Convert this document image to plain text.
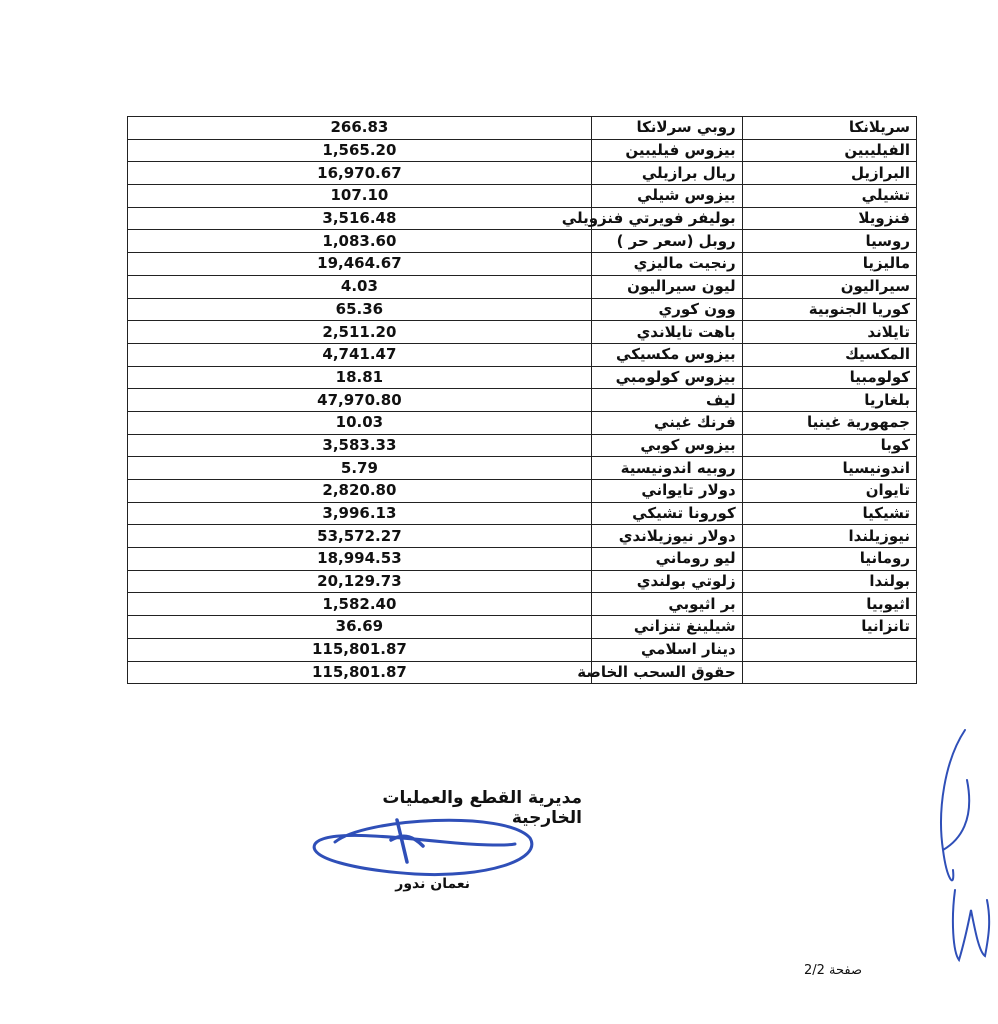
266.83	روبي سرلانكا	سريلانكا
1,565.20	بيزوس فيليبين	الفيليبين
16,970.67	ريال برازيلي	البرازيل
107.10	بيزوس شيلي	تشيلي
3,516.48	بوليفر فويرتي فنزويلي	فنزويلا
1,083.60	روبل (سعر حر )	روسيا
19,464.67	رنجيت ماليزي	ماليزيا
4.03	ليون سيراليون	سيراليون
65.36	وون كوري	كوريا الجنوبية
2,511.20	باهت تايلاندي	تايلاند
4,741.47	بيزوس مكسيكي	المكسيك
18.81	بيزوس كولومبي	كولومبيا
47,970.80	ليف	بلغاريا
10.03	فرنك غيني	جمهورية غينيا
3,583.33	بيزوس كوبي	كوبا
5.79	روبيه اندونيسية	اندونيسيا
2,820.80	دولار تايواني	تايوان
3,996.13	كورونا تشيكي	تشيكيا
53,572.27	دولار نيوزيلاندي	نيوزيلندا
18,994.53	ليو روماني	رومانيا
20,129.73	زلوتي بولندي	بولندا
1,582.40	بر اثيوبي	اثيوبيا
36.69	شيلينغ تنزاني	تانزانيا
115,801.87	دينار اسلامي	
115,801.87	حقوق السحب الخاصة	
مديرية القطع والعمليات الخارجية
نعمان ندور
صفحة 2/2
